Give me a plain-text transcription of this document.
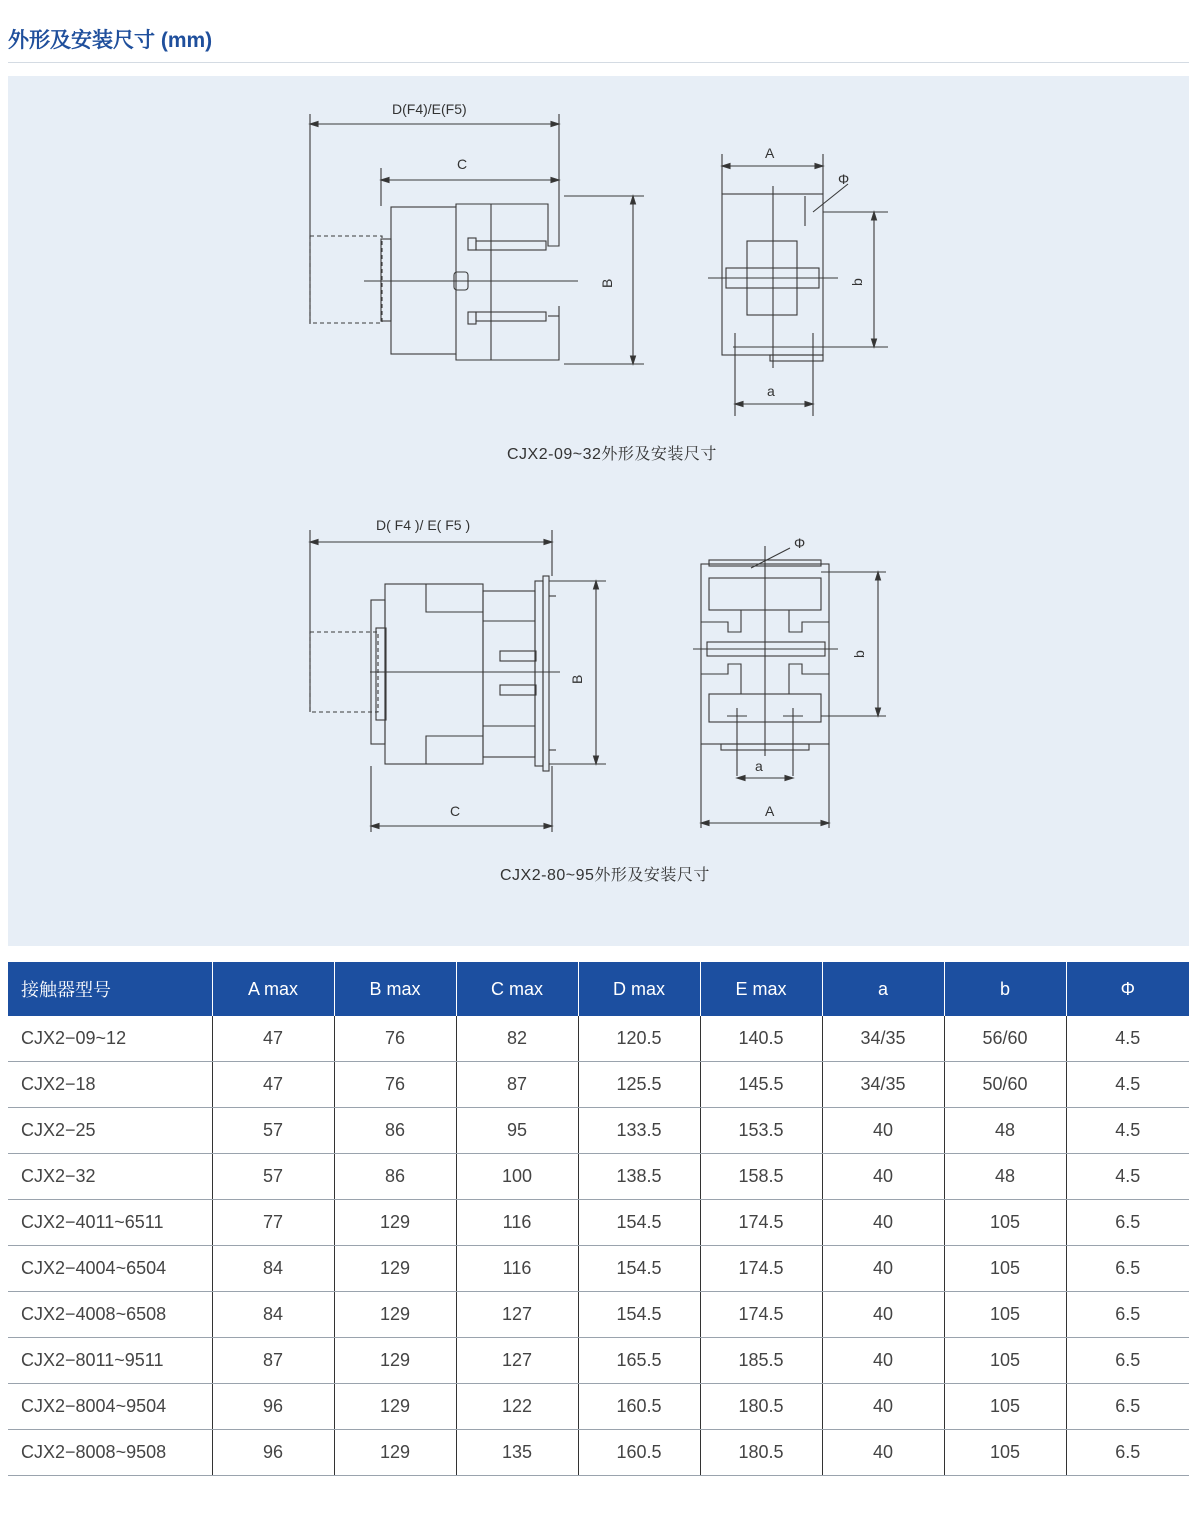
外形及安装尺寸 (mm)
D(F4)/E(F5)
C
B
A
Φ
b
a
D( F4 )/ E( F5 )
C
B
A
Φ
b
a
CJX2-09~32外形及安装尺寸
CJX2-80~95外形及安装尺寸
接触器型号	A max	B max	C max	D max	E max	a	b	Φ
CJX2−09~12	47	76	82	120.5	140.5	34/35	56/60	4.5
CJX2−18	47	76	87	125.5	145.5	34/35	50/60	4.5
CJX2−25	57	86	95	133.5	153.5	40	48	4.5
CJX2−32	57	86	100	138.5	158.5	40	48	4.5
CJX2−4011~6511	77	129	116	154.5	174.5	40	105	6.5
CJX2−4004~6504	84	129	116	154.5	174.5	40	105	6.5
CJX2−4008~6508	84	129	127	154.5	174.5	40	105	6.5
CJX2−8011~9511	87	129	127	165.5	185.5	40	105	6.5
CJX2−8004~9504	96	129	122	160.5	180.5	40	105	6.5
CJX2−8008~9508	96	129	135	160.5	180.5	40	105	6.5
